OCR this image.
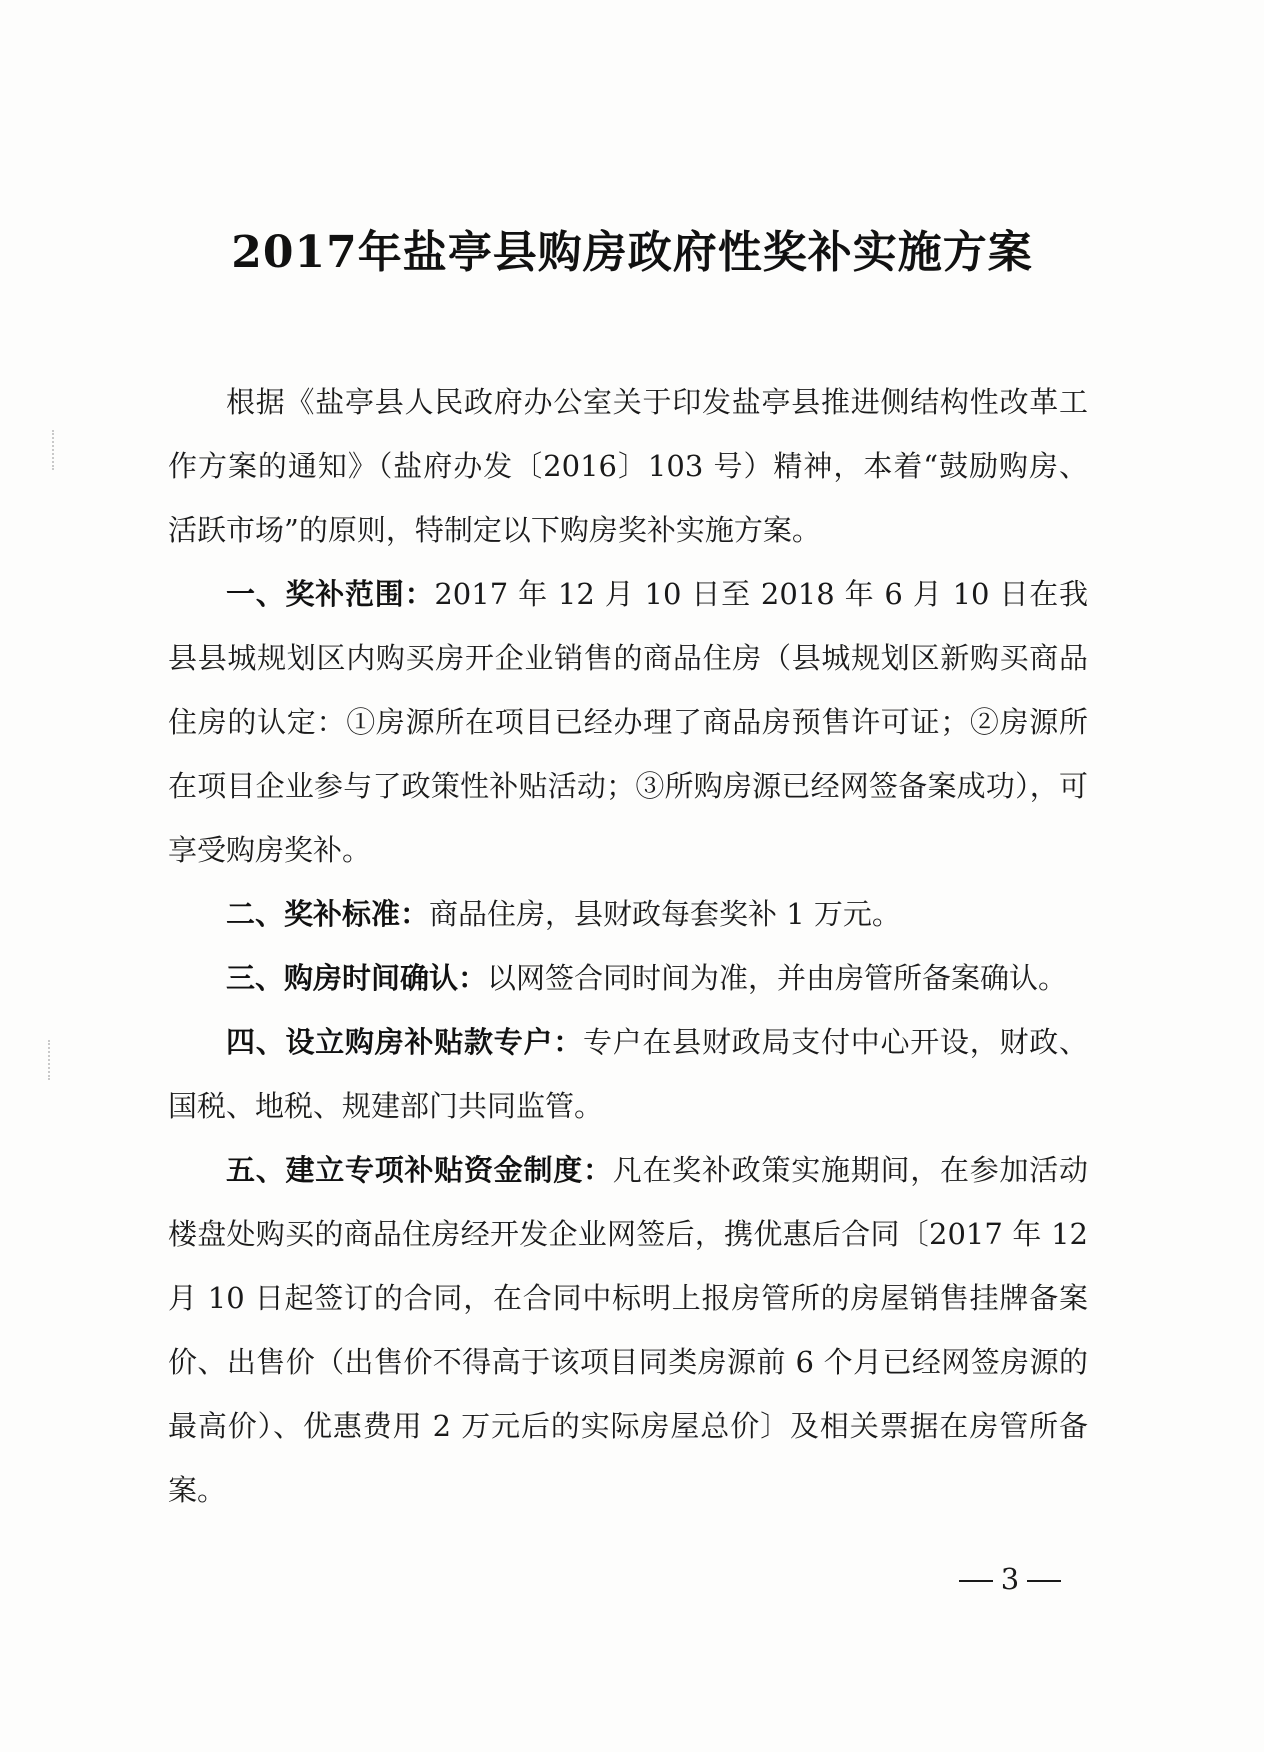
2017年盐亭县购房政府性奖补实施方案

根据《盐亭县人民政府办公室关于印发盐亭县推进侧结构性改革工作方案的通知》（盐府办发〔2016〕103 号）精神，本着“鼓励购房、活跃市场”的原则，特制定以下购房奖补实施方案。

一、奖补范围：2017 年 12 月 10 日至 2018 年 6 月 10 日在我县县城规划区内购买房开企业销售的商品住房（县城规划区新购买商品住房的认定：①房源所在项目已经办理了商品房预售许可证；②房源所在项目企业参与了政策性补贴活动；③所购房源已经网签备案成功），可享受购房奖补。

二、奖补标准：商品住房，县财政每套奖补 1 万元。

三、购房时间确认：以网签合同时间为准，并由房管所备案确认。

四、设立购房补贴款专户：专户在县财政局支付中心开设，财政、国税、地税、规建部门共同监管。

五、建立专项补贴资金制度：凡在奖补政策实施期间，在参加活动楼盘处购买的商品住房经开发企业网签后，携优惠后合同〔2017 年 12 月 10 日起签订的合同，在合同中标明上报房管所的房屋销售挂牌备案价、出售价（出售价不得高于该项目同类房源前 6 个月已经网签房源的最高价）、优惠费用 2 万元后的实际房屋总价〕及相关票据在房管所备案。

3
